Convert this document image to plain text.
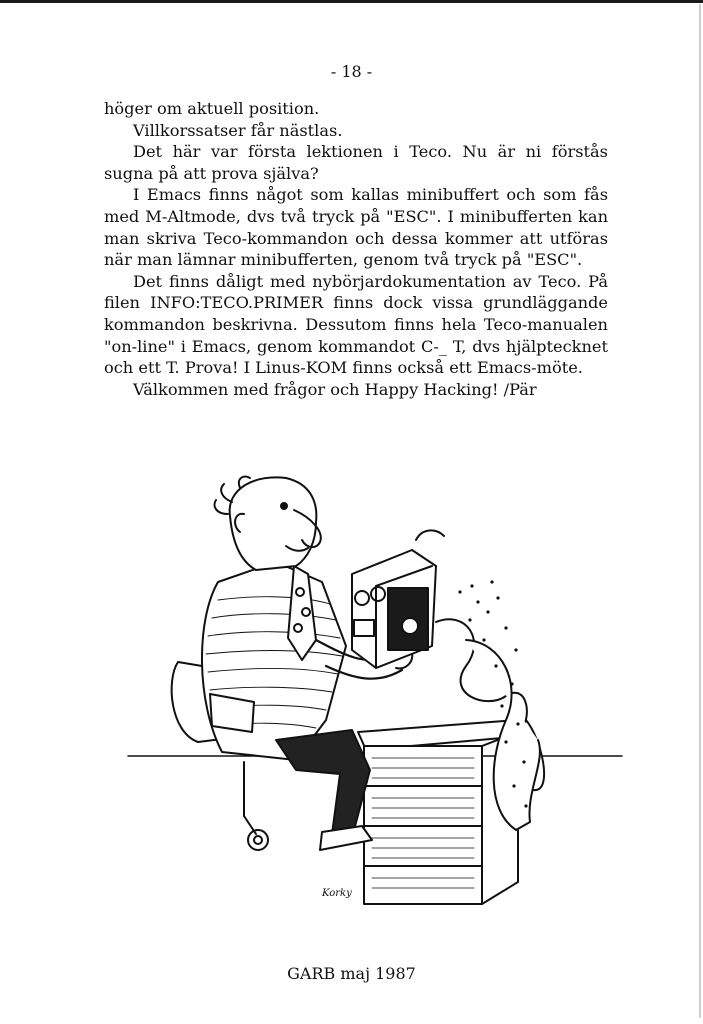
- 18 -

höger om aktuell position.

Villkorssatser får nästlas.

Det här var första lektionen i Teco. Nu är ni förstås sugna på att prova själva?

I Emacs finns något som kallas minibuffert och som fås med M-Altmode, dvs två tryck på "ESC". I minibufferten kan man skriva Teco-kommandon och dessa kommer att utföras när man lämnar minibufferten, genom två tryck på "ESC".

Det finns dåligt med nybörjardokumentation av Teco. På filen INFO:TECO.PRIMER finns dock vissa grundläggande kommandon beskrivna. Dessutom finns hela Teco-manualen "on-line" i Emacs, genom kommandot C-_ T, dvs hjälptecknet och ett T. Prova! I Linus-KOM finns också ett Emacs-möte.

Välkommen med frågor och Happy Hacking! /Pär

Korky
GARB maj 1987
